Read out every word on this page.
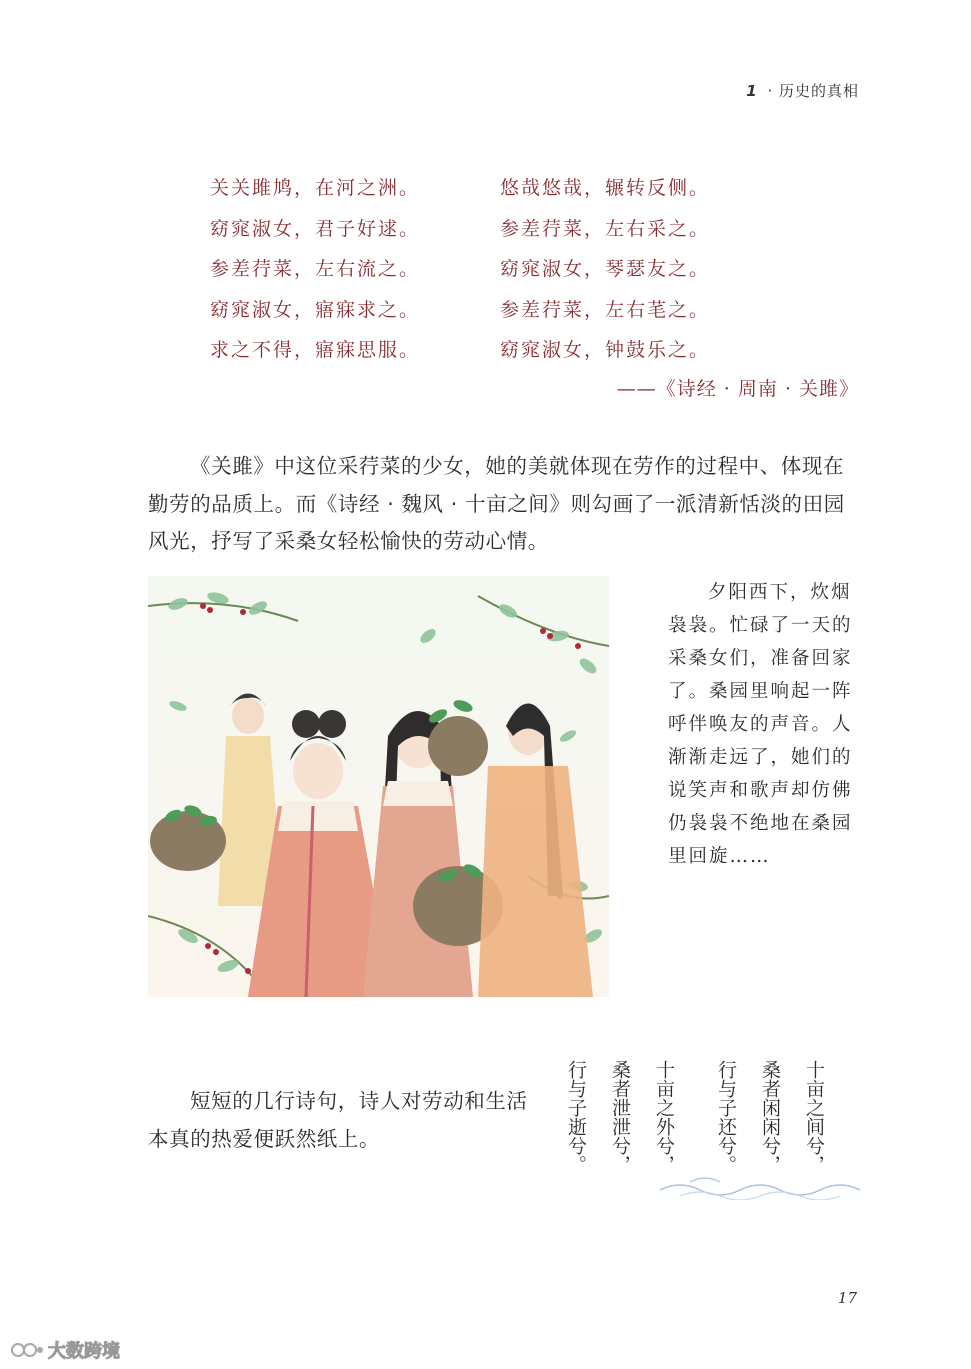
1 · 历史的真相
关关雎鸠，在河之洲。
窈窕淑女，君子好逑。
参差荇菜，左右流之。
窈窕淑女，寤寐求之。
求之不得，寤寐思服。
悠哉悠哉，辗转反侧。
参差荇菜，左右采之。
窈窕淑女，琴瑟友之。
参差荇菜，左右芼之。
窈窕淑女，钟鼓乐之。
——《诗经 · 周南 · 关雎》

《关雎》中这位采荇菜的少女，她的美就体现在劳作的过程中、体现在勤劳的品质上。而《诗经 · 魏风 · 十亩之间》则勾画了一派清新恬淡的田园风光，抒写了采桑女轻松愉快的劳动心情。

夕阳西下，炊烟袅袅。忙碌了一天的采桑女们，准备回家了。桑园里响起一阵呼伴唤友的声音。人渐渐走远了，她们的说笑声和歌声却仿佛仍袅袅不绝地在桑园里回旋……

短短的几行诗句，诗人对劳动和生活本真的热爱便跃然纸上。	十亩之间兮，
桑者闲闲兮，
行与子还兮。
十亩之外兮，
桑者泄泄兮，
行与子逝兮。
17
大数跨境
